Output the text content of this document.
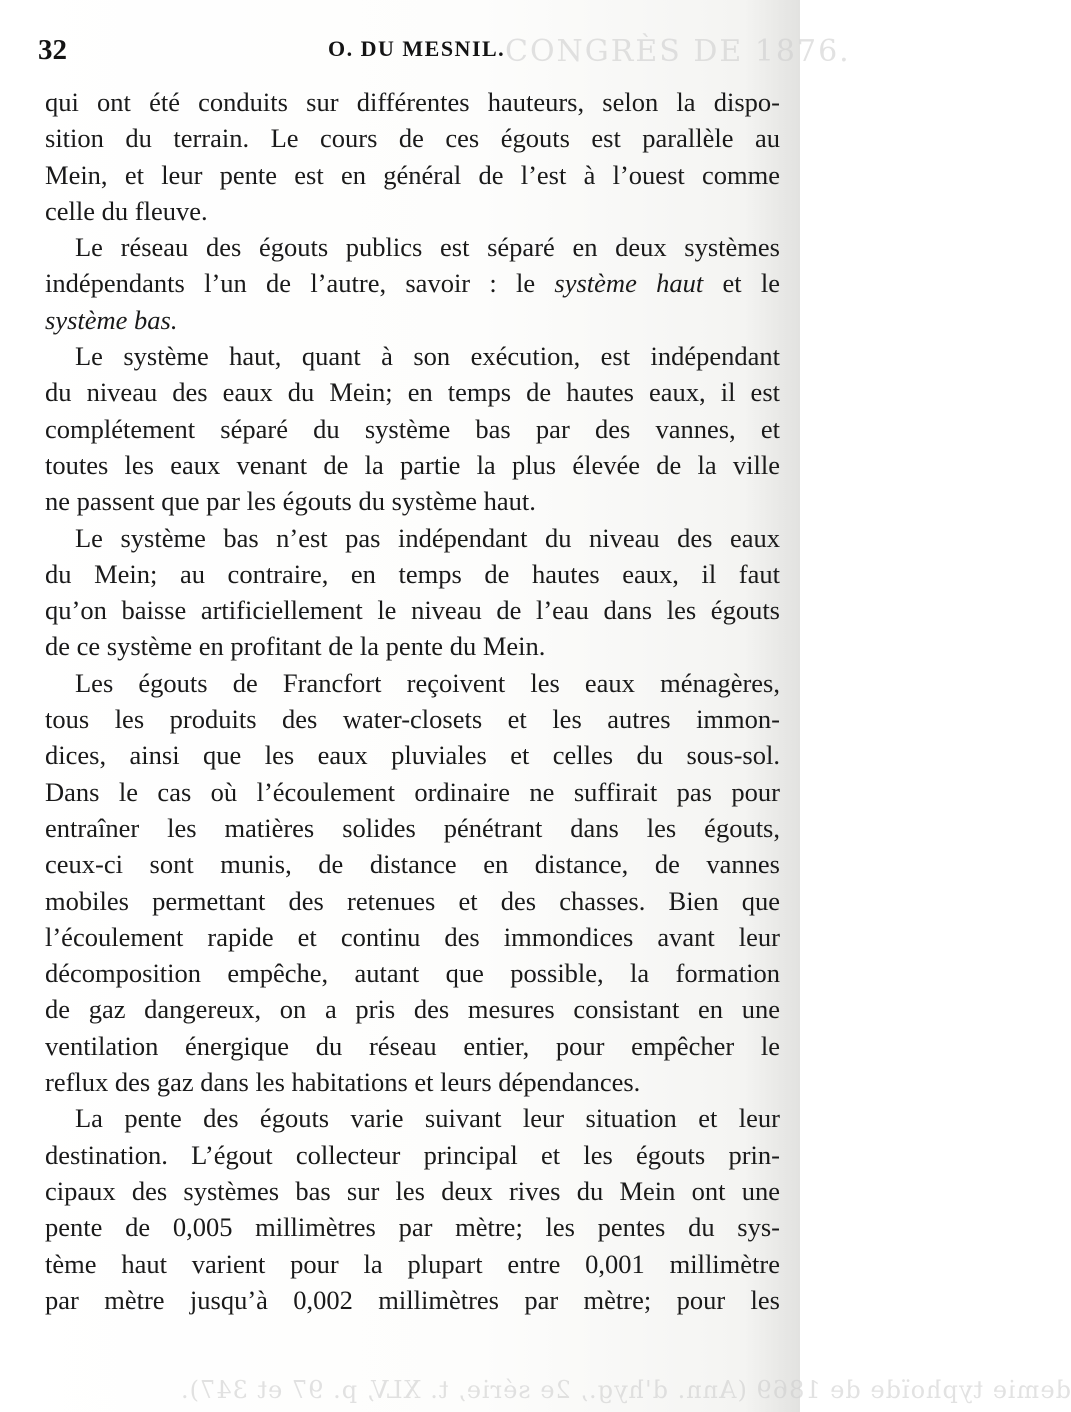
CONGRÈS DE 1876.
demie typhoïde de 1869 (Ann. d'hyg., 2e série, t. XLV, p. 97 et 347).
32	O. DU MESNIL.
qui ont été conduits sur différentes hauteurs, selon la dispo-
sition du terrain. Le cours de ces égouts est parallèle au
Mein, et leur pente est en général de l’est à l’ouest comme
celle du fleuve.
Le réseau des égouts publics est séparé en deux systèmes
indépendants l’un de l’autre, savoir : le système haut et le
système bas.
Le système haut, quant à son exécution, est indépendant
du niveau des eaux du Mein; en temps de hautes eaux, il est
complétement séparé du système bas par des vannes, et
toutes les eaux venant de la partie la plus élevée de la ville
ne passent que par les égouts du système haut.
Le système bas n’est pas indépendant du niveau des eaux
du Mein; au contraire, en temps de hautes eaux, il faut
qu’on baisse artificiellement le niveau de l’eau dans les égouts
de ce système en profitant de la pente du Mein.
Les égouts de Francfort reçoivent les eaux ménagères,
tous les produits des water-closets et les autres immon-
dices, ainsi que les eaux pluviales et celles du sous-sol.
Dans le cas où l’écoulement ordinaire ne suffirait pas pour
entraîner les matières solides pénétrant dans les égouts,
ceux-ci sont munis, de distance en distance, de vannes
mobiles permettant des retenues et des chasses. Bien que
l’écoulement rapide et continu des immondices avant leur
décomposition empêche, autant que possible, la formation
de gaz dangereux, on a pris des mesures consistant en une
ventilation énergique du réseau entier, pour empêcher le
reflux des gaz dans les habitations et leurs dépendances.
La pente des égouts varie suivant leur situation et leur
destination. L’égout collecteur principal et les égouts prin-
cipaux des systèmes bas sur les deux rives du Mein ont une
pente de 0,005 millimètres par mètre; les pentes du sys-
tème haut varient pour la plupart entre 0,001 millimètre
par mètre jusqu’à 0,002 millimètres par mètre; pour les
